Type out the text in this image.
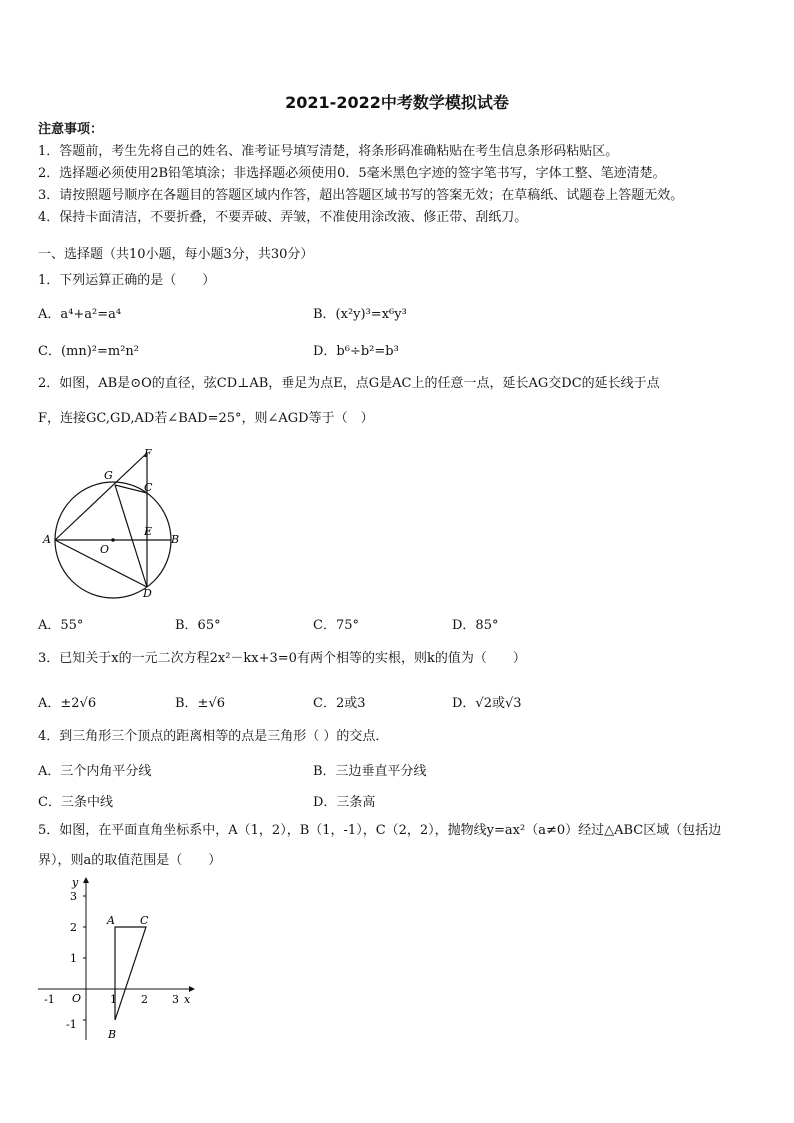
2021-2022中考数学模拟试卷
注意事项：
1．答题前，考生先将自己的姓名、准考证号填写清楚，将条形码准确粘贴在考生信息条形码粘贴区。
2．选择题必须使用2B铅笔填涂；非选择题必须使用0．5毫米黑色字迹的签字笔书写，字体工整、笔迹清楚。
3．请按照题号顺序在各题目的答题区域内作答，超出答题区域书写的答案无效；在草稿纸、试题卷上答题无效。
4．保持卡面清洁，不要折叠，不要弄破、弄皱，不准使用涂改液、修正带、刮纸刀。
一、选择题（共10小题，每小题3分，共30分）
1．下列运算正确的是（　　）
A．a⁴+a²=a⁴	B．(x²y)³=x⁶y³
C．(mn)²=m²n²	D．b⁶÷b²=b³
2．如图，AB是⊙O的直径，弦CD⊥AB，垂足为点E，点G是AC上的任意一点，延长AG交DC的延长线于点
F，连接GC,GD,AD若∠BAD=25°，则∠AGD等于（　）
F
G
C
E
A
O
B
D
A．55°	B．65°	C．75°	D．85°
3．已知关于x的一元二次方程2x²－kx+3=0有两个相等的实根，则k的值为（　　）
A．±2√6	B．±√6	C．2或3	D．√2或√3
4．到三角形三个顶点的距离相等的点是三角形（ ）的交点．
A．三个内角平分线	B．三边垂直平分线
C．三条中线	D．三条高
5．如图，在平面直角坐标系中，A（1，2），B（1，-1），C（2，2），抛物线y=ax²（a≠0）经过△ABC区域（包括边
界），则a的取值范围是（　　）
y
x
O
3
2
1
-1
-1	1 2 3
A C
B
